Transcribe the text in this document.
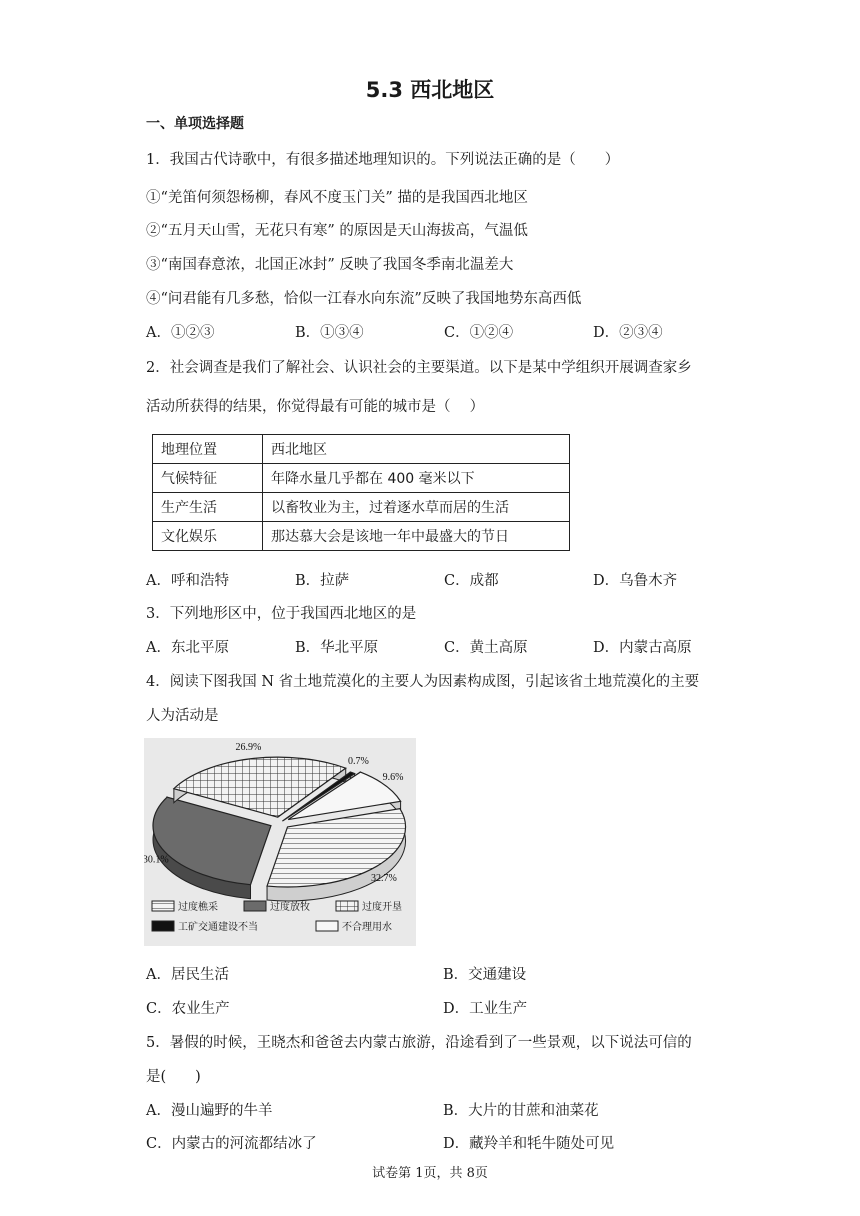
5.3 西北地区
一、单项选择题
1．我国古代诗歌中，有很多描述地理知识的。下列说法正确的是（　　）
①“羌笛何须怨杨柳，春风不度玉门关” 描的是我国西北地区
②“五月天山雪，无花只有寒” 的原因是天山海拔高，气温低
③“南国春意浓，北国正冰封” 反映了我国冬季南北温差大
④“问君能有几多愁，恰似一江春水向东流”反映了我国地势东高西低
A．①②③	B．①③④	C．①②④	D．②③④
2．社会调查是我们了解社会、认识社会的主要渠道。以下是某中学组织开展调查家乡
活动所获得的结果，你觉得最有可能的城市是（　 ）
地理位置	西北地区
气候特征	年降水量几乎都在 400 毫米以下
生产生活	以畜牧业为主，过着逐水草而居的生活
文化娱乐	那达慕大会是该地一年中最盛大的节日
A．呼和浩特	B．拉萨	C．成都	D．乌鲁木齐
3．下列地形区中，位于我国西北地区的是
A．东北平原	B．华北平原	C．黄土高原	D．内蒙古高原
4．阅读下图我国 N 省土地荒漠化的主要人为因素构成图，引起该省土地荒漠化的主要
人为活动是
30.1%
26.9%
0.7%
9.6%
32.7%
过度樵采	过度放牧	过度开垦
工矿交通建设不当	不合理用水
A．居民生活	B．交通建设
C．农业生产	D．工业生产
5．暑假的时候，王晓杰和爸爸去内蒙古旅游，沿途看到了一些景观，以下说法可信的
是(　　)
A．漫山遍野的牛羊	B．大片的甘蔗和油菜花
C．内蒙古的河流都结冰了	D．藏羚羊和牦牛随处可见
试卷第 1页，共 8页
